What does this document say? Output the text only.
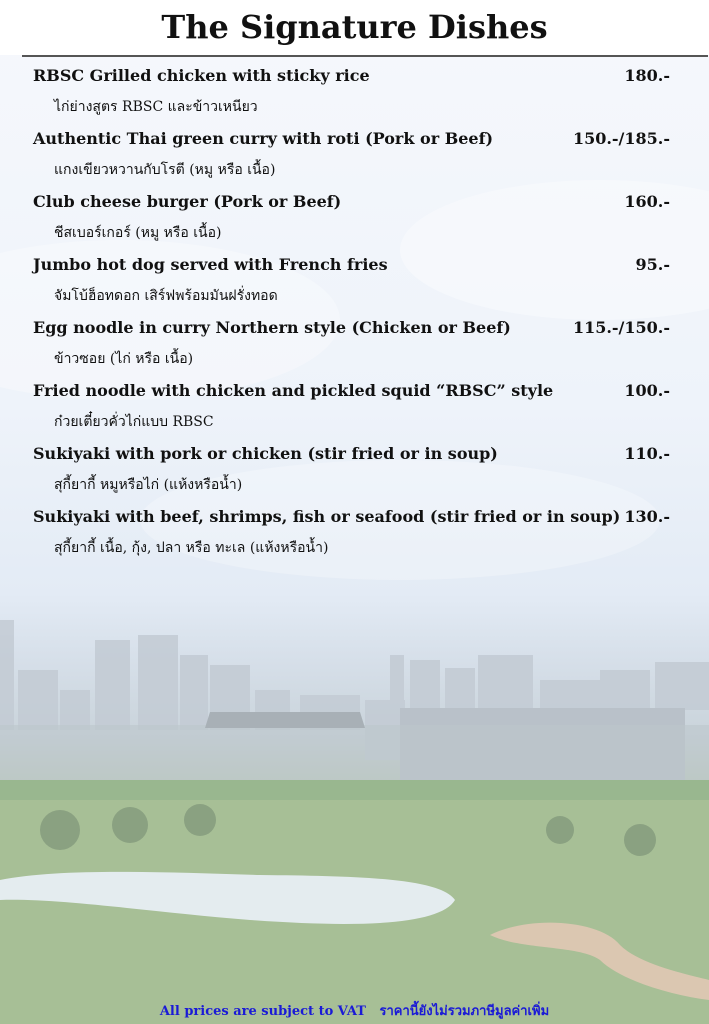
The Signature Dishes
RBSC Grilled chicken with sticky rice	180.-
ไก่ย่างสูตร RBSC และข้าวเหนียว
Authentic Thai green curry with roti (Pork or Beef)	150.-/185.-
แกงเขียวหวานกับโรตี (หมู หรือ เนื้อ)
Club cheese burger (Pork or Beef)	160.-
ชีสเบอร์เกอร์ (หมู หรือ เนื้อ)
Jumbo hot dog served with French fries	95.-
จัมโบ้ฮ็อทดอก เสิร์ฟพร้อมมันฝรั่งทอด
Egg noodle in curry Northern style (Chicken or Beef)	115.-/150.-
ข้าวซอย (ไก่ หรือ เนื้อ)
Fried noodle with chicken and pickled squid “RBSC” style	100.-
ก๋วยเตี๋ยวคั่วไก่แบบ RBSC
Sukiyaki with pork or chicken (stir fried or in soup)	110.-
สุกี้ยากี้ หมูหรือไก่ (แห้งหรือน้ำ)
Sukiyaki with beef, shrimps, fish or seafood (stir fried or in soup) 130.-
สุกี้ยากี้ เนื้อ, กุ้ง, ปลา หรือ ทะเล (แห้งหรือน้ำ)
All prices are subject to VAT   ราคานี้ยังไม่รวมภาษีมูลค่าเพิ่ม
